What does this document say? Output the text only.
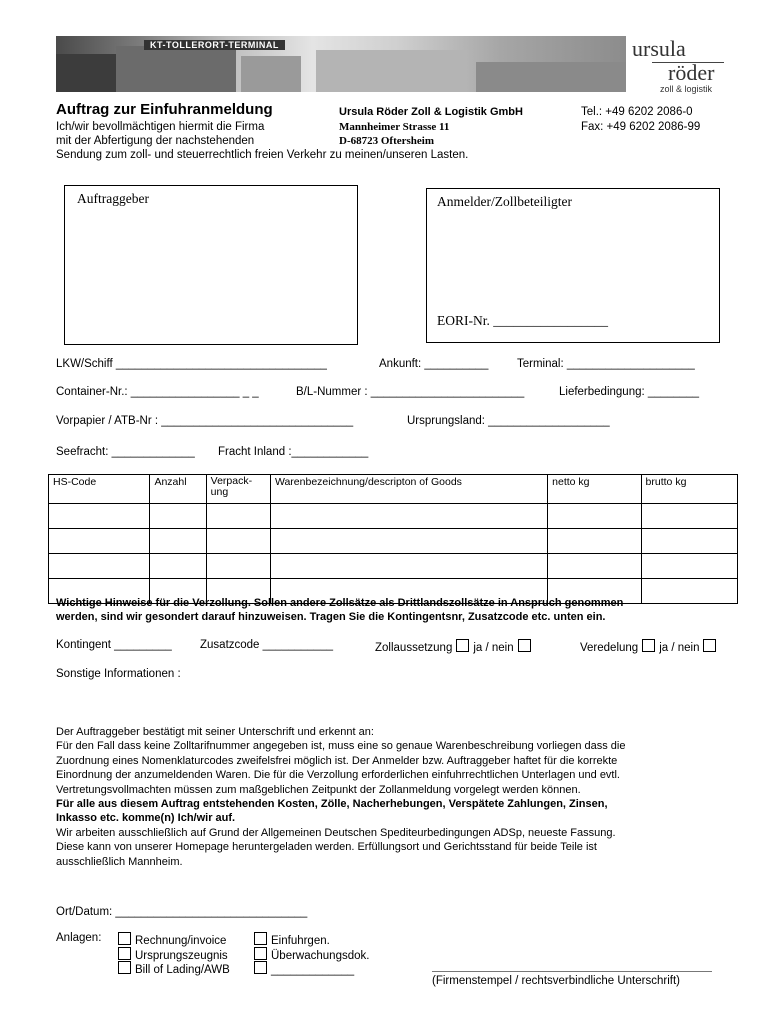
KT-TOLLERORT-TERMINAL	ursula
röder
zoll & logistik
Auftrag zur Einfuhranmeldung	Ursula Röder Zoll & Logistik GmbH
Mannheimer Strasse 11
D-68723 Oftersheim
Tel.: +49 6202 2086-0
Fax: +49 6202 2086-99
Ich/wir bevollmächtigen hiermit die Firma
mit der Abfertigung der nachstehenden
Sendung zum zoll- und steuerrechtlich freien Verkehr zu meinen/unseren Lasten.
Auftraggeber	Anmelder/Zollbeteiligter
EORI-Nr. _________________
LKW/Schiff _________________________________	Ankunft: __________ Terminal: ____________________
Container-Nr.: _________________ _ _	B/L-Nummer : ________________________	Lieferbedingung: ________
Vorpapier / ATB-Nr : ______________________________	Ursprungsland: ___________________
Seefracht: _____________ Fracht Inland :____________
HS-Code	Anzahl	Verpack-
ung	Warenbezeichnung/descripton of Goods	netto kg	brutto kg

Wichtige Hinweise für die Verzollung. Sollen andere Zollsätze als Drittlandszollsätze in Anspruch genommen
werden, sind wir gesondert darauf hinzuweisen. Tragen Sie die Kontingentsnr, Zusatzcode etc. unten ein.
Kontingent _________ Zusatzcode ___________	Zollaussetzung ja / nein	Veredelung ja / nein
Sonstige Informationen :
Der Auftraggeber bestätigt mit seiner Unterschrift und erkennt an:
Für den Fall dass keine Zolltarifnummer angegeben ist, muss eine so genaue Warenbeschreibung vorliegen dass die
Zuordnung eines Nomenklaturcodes zweifelsfrei möglich ist. Der Anmelder bzw. Auftraggeber haftet für die korrekte
Einordnung der anzumeldenden Waren. Die für die Verzollung erforderlichen einfuhrrechtlichen Unterlagen und evtl.
Vertretungsvollmachten müssen zum maßgeblichen Zeitpunkt der Zollanmeldung vorgelegt werden können.
Für alle aus diesem Auftrag entstehenden Kosten, Zölle, Nacherhebungen, Verspätete Zahlungen, Zinsen,
Inkasso etc. komme(n) Ich/wir auf.
Wir arbeiten ausschließlich auf Grund der Allgemeinen Deutschen Spediteurbedingungen ADSp, neueste Fassung.
Diese kann von unserer Homepage heruntergeladen werden. Erfüllungsort und Gerichtsstand für beide Teile ist
ausschließlich Mannheim.
Ort/Datum: ______________________________
Anlagen:	Rechnung/invoice
Ursprungszeugnis
Bill of Lading/AWB
Einfuhrgen.
Überwachungsdok.
_____________
(Firmenstempel / rechtsverbindliche Unterschrift)
